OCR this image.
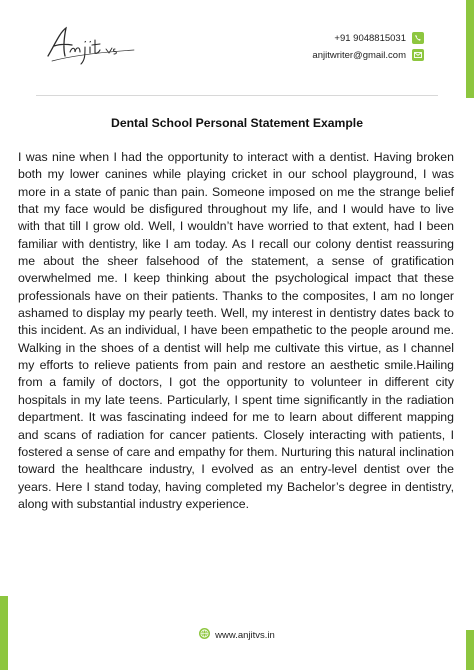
+91 9048815031
anjitwriter@gmail.com
Dental School Personal Statement Example

I was nine when I had the opportunity to interact with a dentist. Having broken both my lower canines while playing cricket in our school playground, I was more in a state of panic than pain. Someone imposed on me the strange belief that my face would be disfigured throughout my life, and I would have to live with that till I grow old. Well, I wouldn’t have worried to that extent, had I been familiar with dentistry, like I am today. As I recall our colony dentist reassuring me about the sheer falsehood of the statement, a sense of gratification overwhelmed me. I keep thinking about the psychological impact that these professionals have on their patients. Thanks to the composites, I am no longer ashamed to display my pearly teeth. Well, my interest in dentistry dates back to this incident. As an individual, I have been empathetic to the people around me. Walking in the shoes of a dentist will help me cultivate this virtue, as I channel my efforts to relieve patients from pain and restore an aesthetic smile.Hailing from a family of doctors, I got the opportunity to volunteer in different city hospitals in my late teens. Particularly, I spent time significantly in the radiation department. It was fascinating indeed for me to learn about different mapping and scans of radiation for cancer patients. Closely interacting with patients, I fostered a sense of care and empathy for them. Nurturing this natural inclination toward the healthcare industry, I evolved as an entry-level dentist over the years. Here I stand today, having completed my Bachelor’s degree in dentistry, along with substantial industry experience.

www.anjitvs.in
